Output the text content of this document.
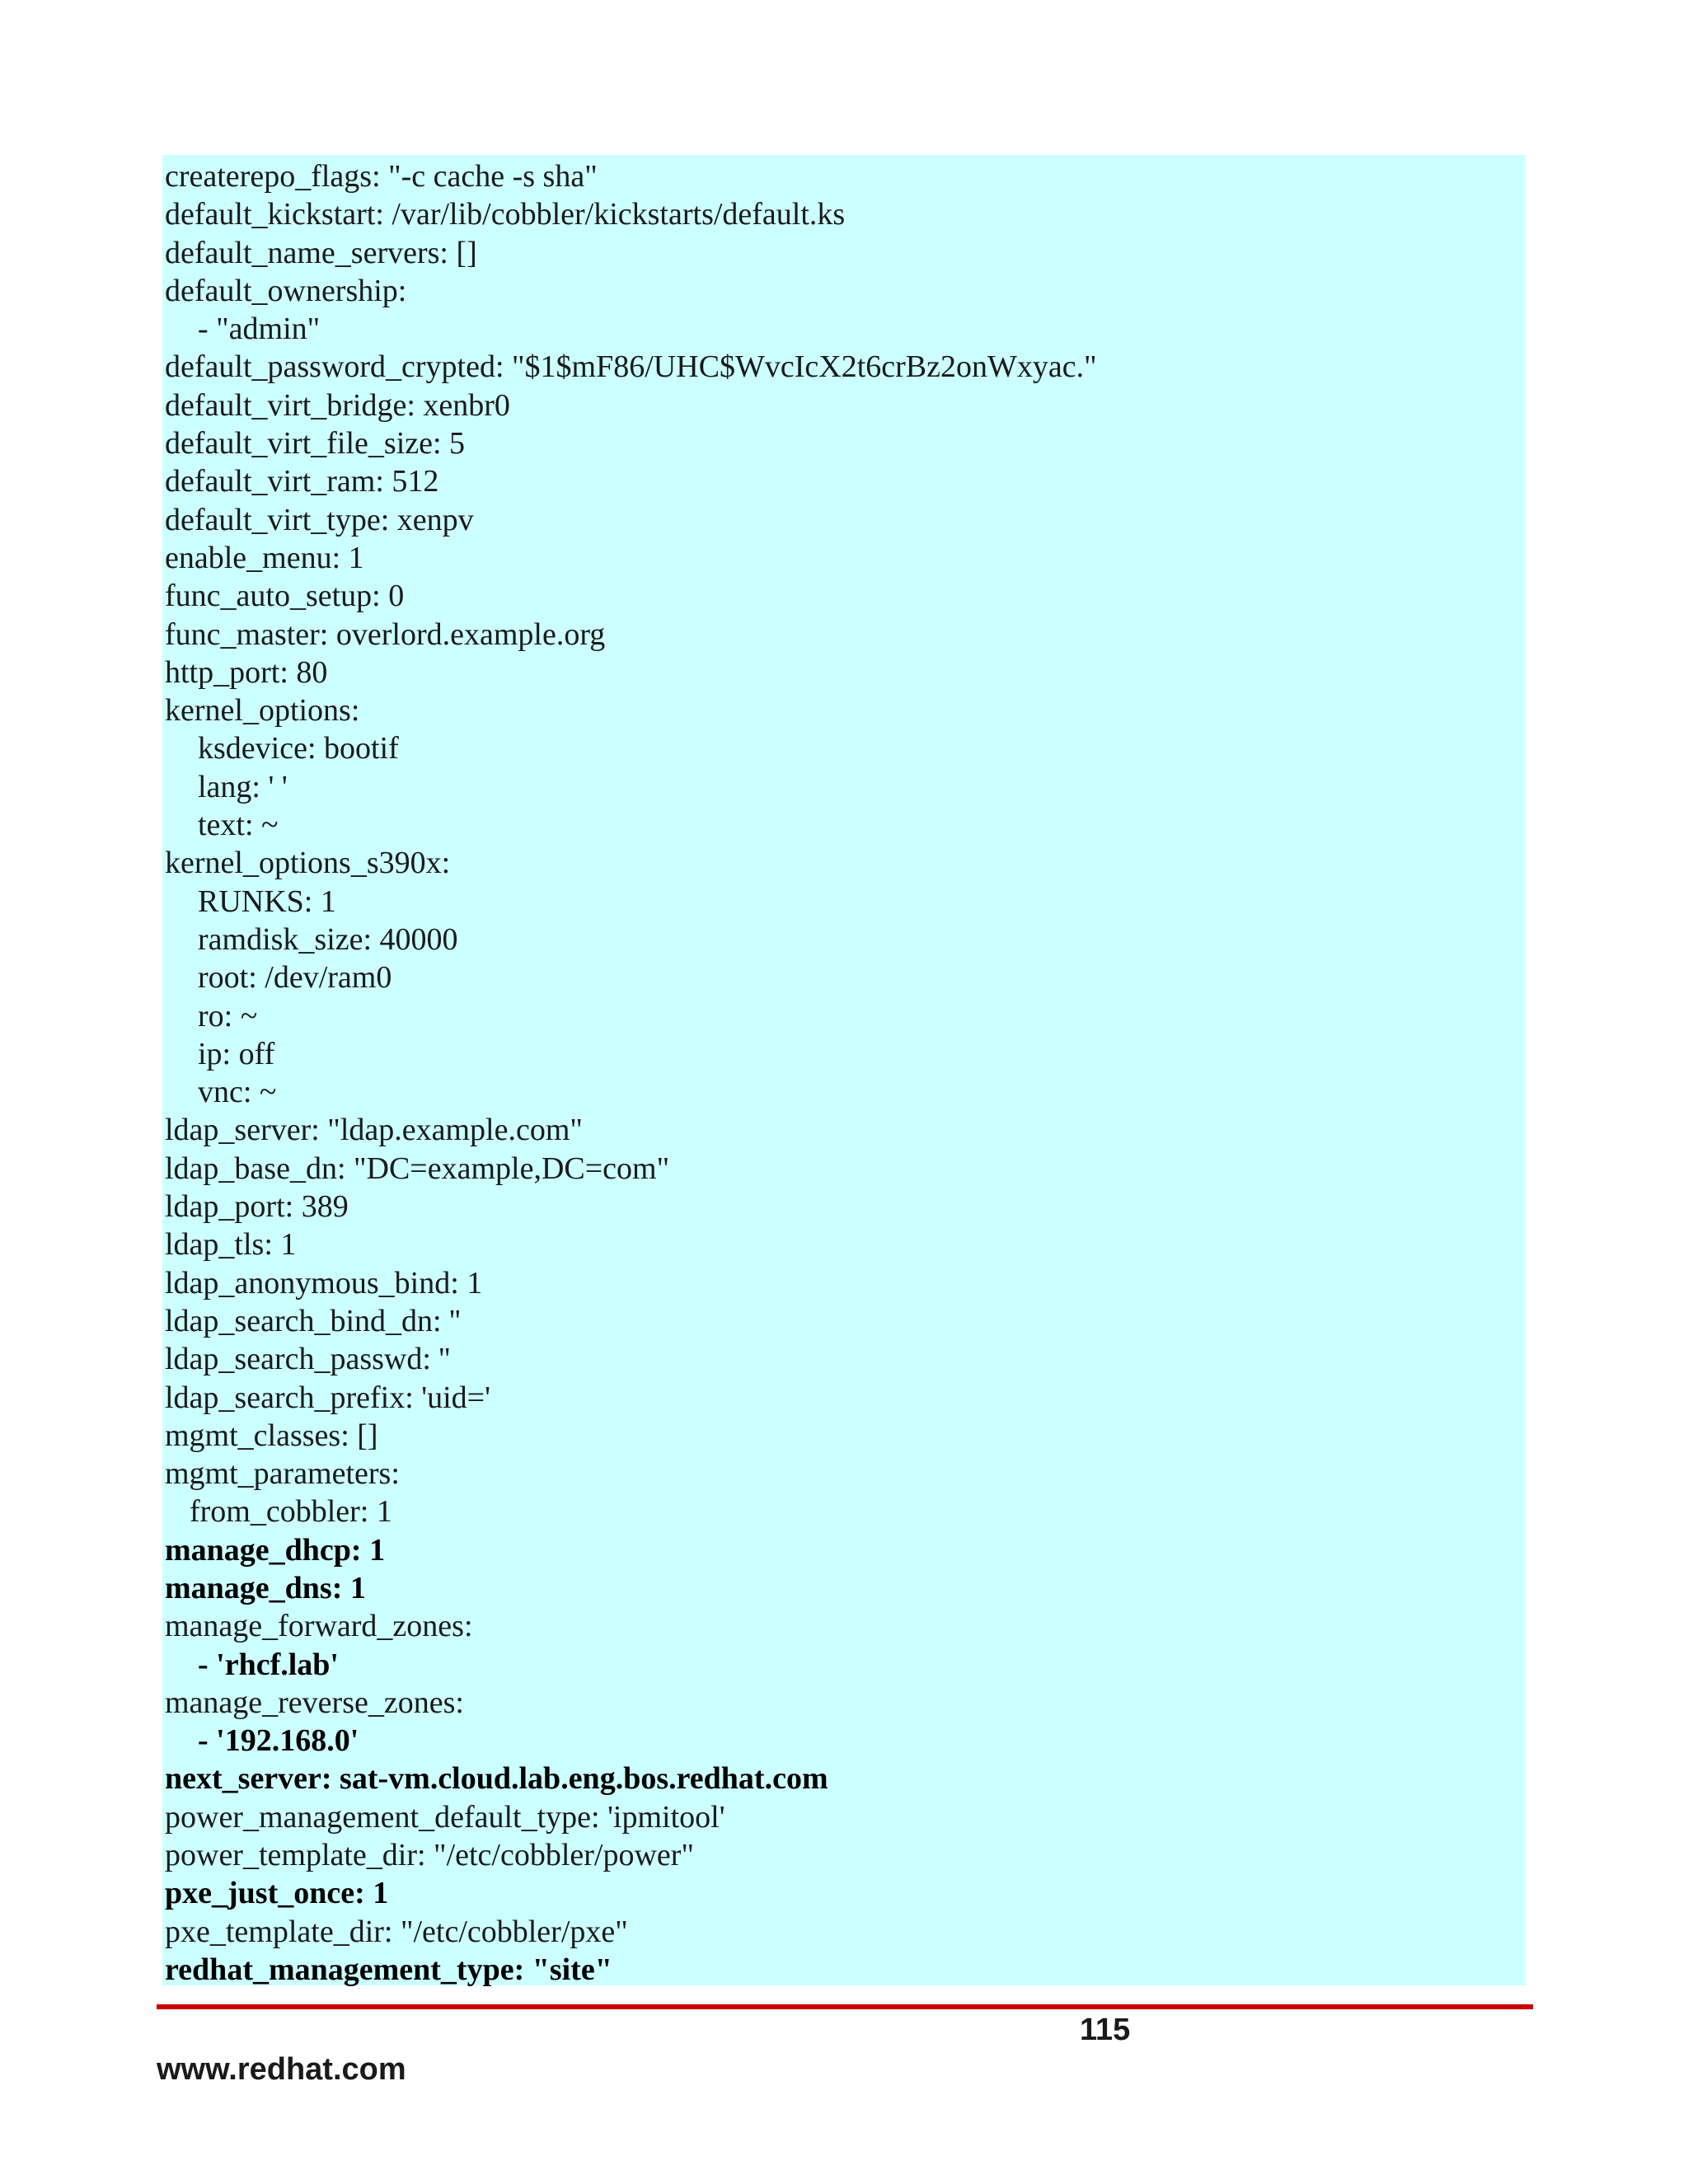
createrepo_flags: "-c cache -s sha"
default_kickstart: /var/lib/cobbler/kickstarts/default.ks
default_name_servers: []
default_ownership:
- "admin"
default_password_crypted: "$1$mF86/UHC$WvcIcX2t6crBz2onWxyac."
default_virt_bridge: xenbr0
default_virt_file_size: 5
default_virt_ram: 512
default_virt_type: xenpv
enable_menu: 1
func_auto_setup: 0
func_master: overlord.example.org
http_port: 80
kernel_options:
ksdevice: bootif
lang: ' '
text: ~
kernel_options_s390x:
RUNKS: 1
ramdisk_size: 40000
root: /dev/ram0
ro: ~
ip: off
vnc: ~
ldap_server: "ldap.example.com"
ldap_base_dn: "DC=example,DC=com"
ldap_port: 389
ldap_tls: 1
ldap_anonymous_bind: 1
ldap_search_bind_dn: ''
ldap_search_passwd: ''
ldap_search_prefix: 'uid='
mgmt_classes: []
mgmt_parameters:
from_cobbler: 1
manage_dhcp: 1
manage_dns: 1
manage_forward_zones:
- 'rhcf.lab'
manage_reverse_zones:
- '192.168.0'
next_server: sat-vm.cloud.lab.eng.bos.redhat.com
power_management_default_type: 'ipmitool'
power_template_dir: "/etc/cobbler/power"
pxe_just_once: 1
pxe_template_dir: "/etc/cobbler/pxe"
redhat_management_type: "site"
115
www.redhat.com
